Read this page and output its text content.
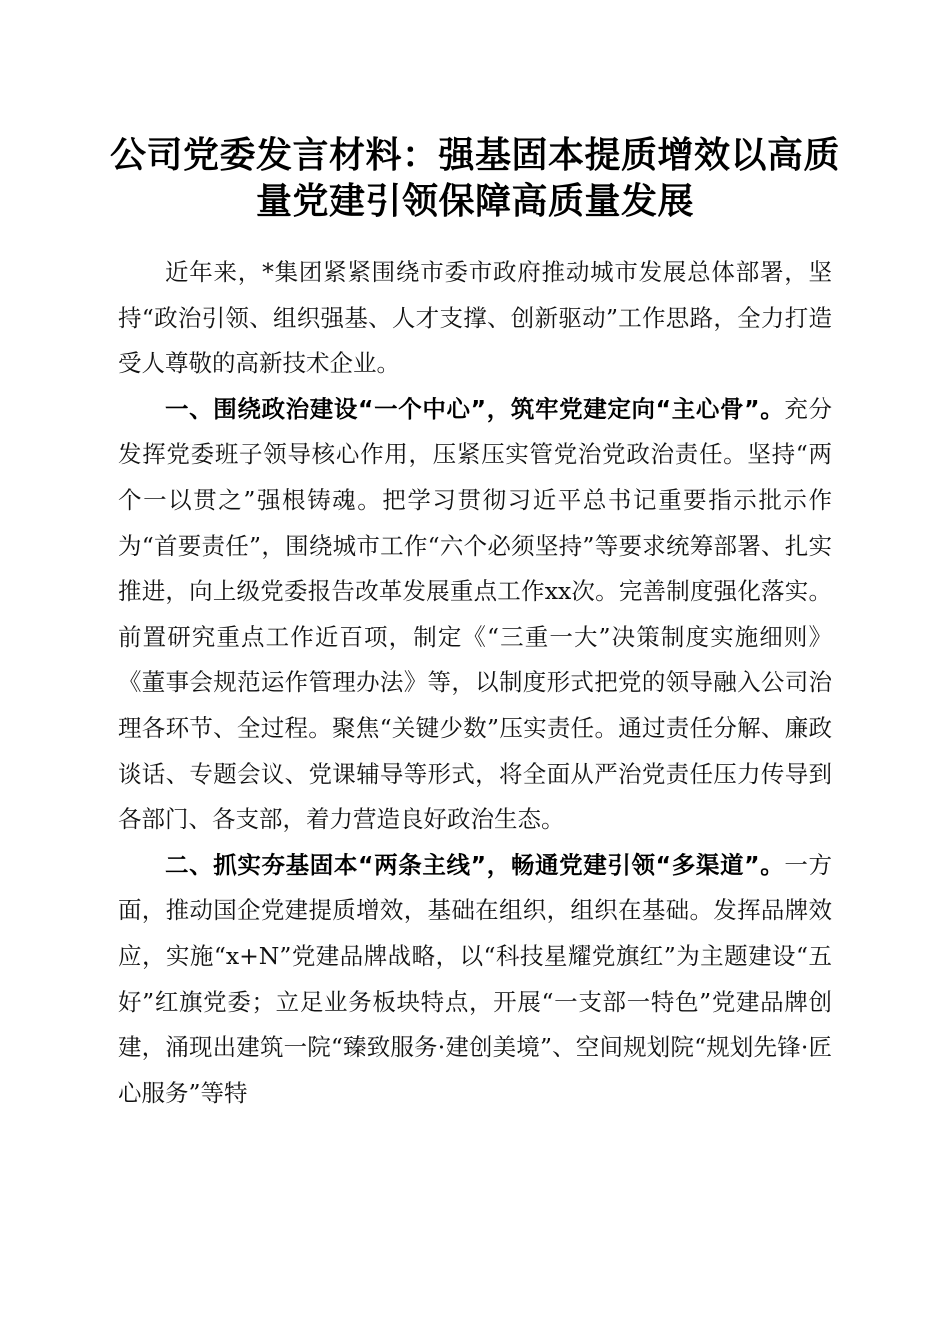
公司党委发言材料：强基固本提质增效以高质
量党建引领保障高质量发展

近年来，*集团紧紧围绕市委市政府推动城市发展总体部署，坚持“政治引领、组织强基、人才支撑、创新驱动”工作思路，全力打造受人尊敬的高新技术企业。

一、围绕政治建设“一个中心”，筑牢党建定向“主心骨”。充分发挥党委班子领导核心作用，压紧压实管党治党政治责任。坚持“两个一以贯之”强根铸魂。把学习贯彻习近平总书记重要指示批示作为“首要责任”，围绕城市工作“六个必须坚持”等要求统筹部署、扎实推进，向上级党委报告改革发展重点工作xx次。完善制度强化落实。前置研究重点工作近百项，制定《“三重一大”决策制度实施细则》《董事会规范运作管理办法》等，以制度形式把党的领导融入公司治理各环节、全过程。聚焦“关键少数”压实责任。通过责任分解、廉政谈话、专题会议、党课辅导等形式，将全面从严治党责任压力传导到各部门、各支部，着力营造良好政治生态。

二、抓实夯基固本“两条主线”，畅通党建引领“多渠道”。一方面，推动国企党建提质增效，基础在组织，组织在基础。发挥品牌效应，实施“x+N”党建品牌战略，以“科技星耀党旗红”为主题建设“五好”红旗党委；立足业务板块特点，开展“一支部一特色”党建品牌创建，涌现出建筑一院“臻致服务·建创美境”、空间规划院“规划先锋·匠心服务”等特
